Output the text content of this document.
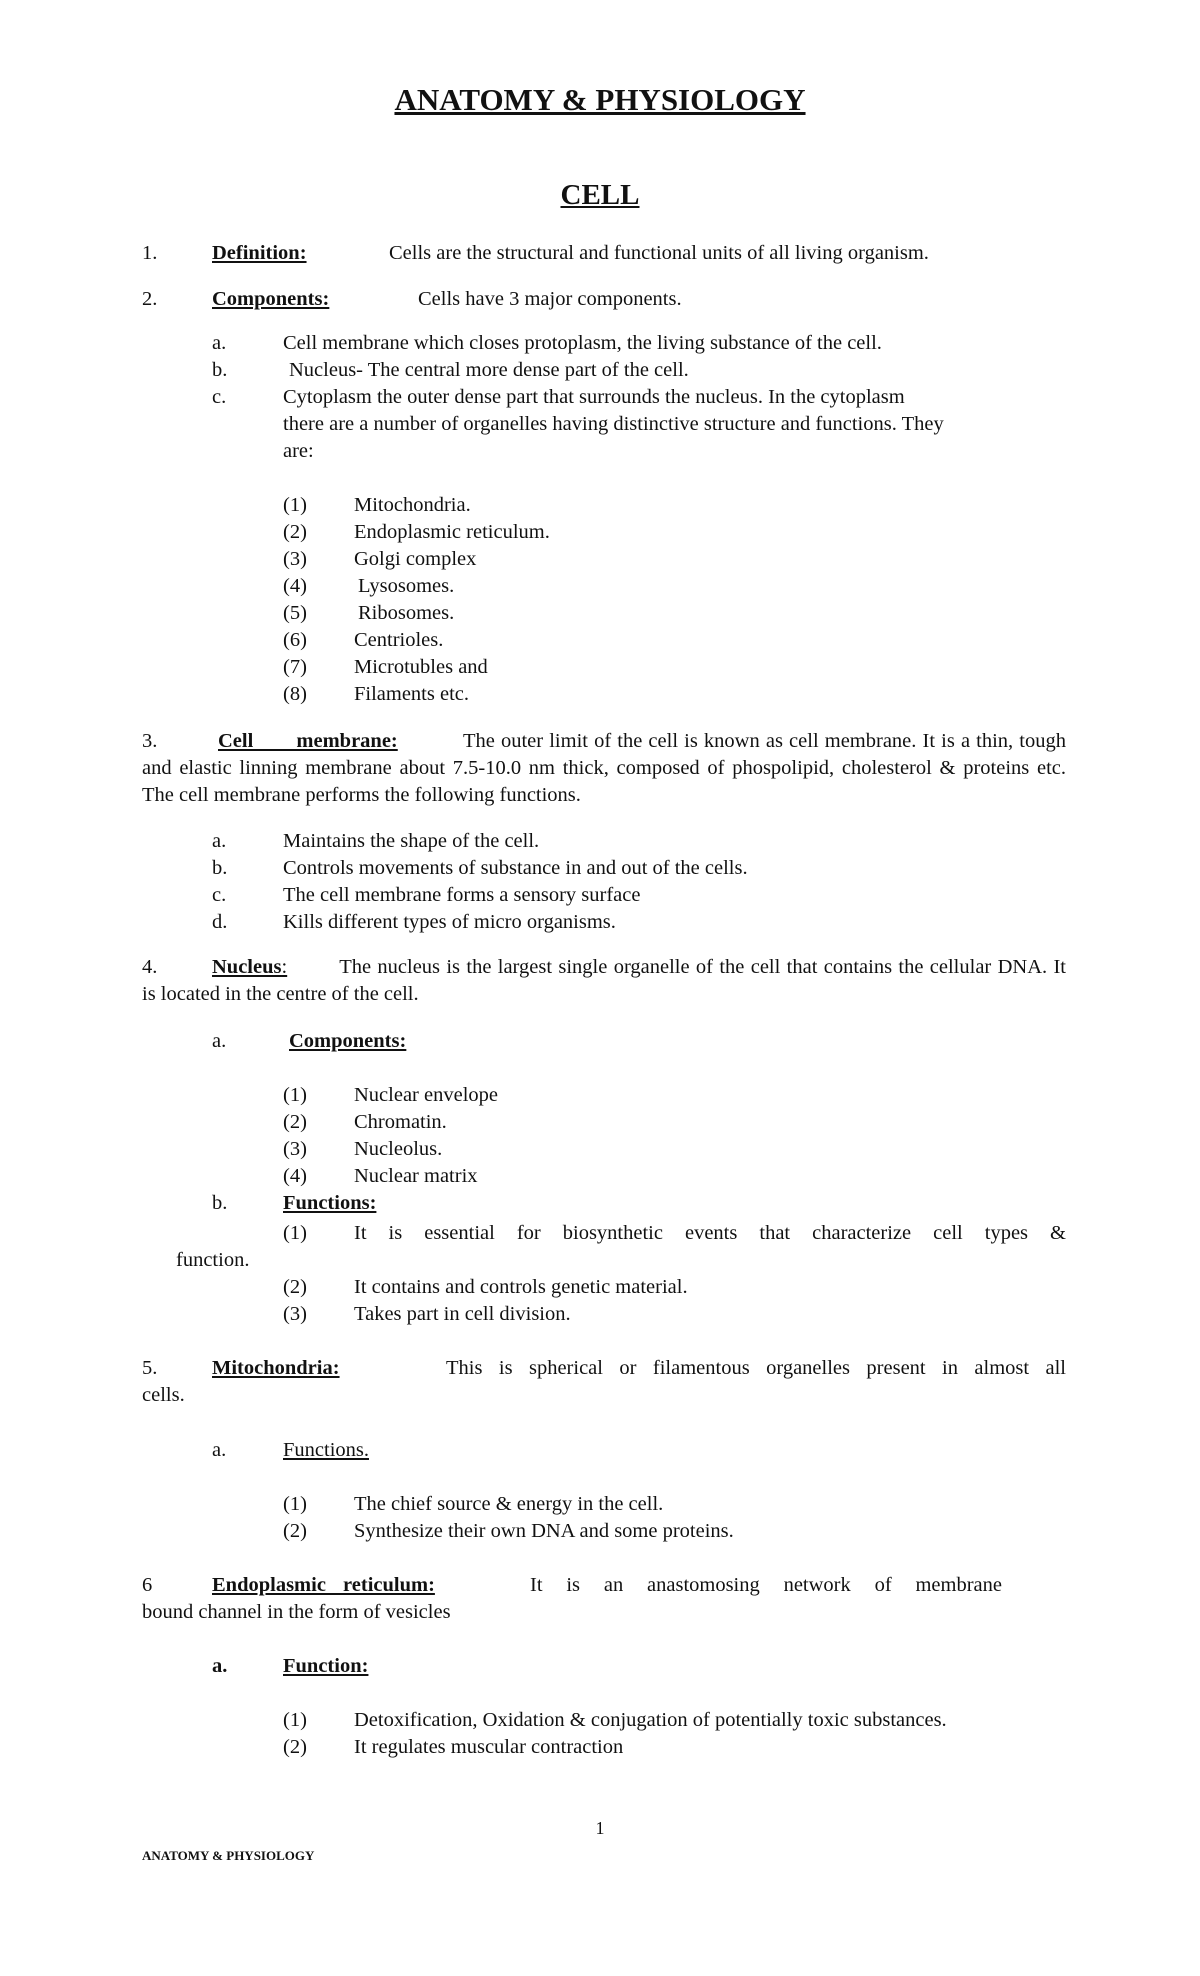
ANATOMY & PHYSIOLOGY
CELL
1.	Definition:	Cells are the structural and functional units of all living organism.
2.	Components:	Cells have 3 major components.
a.	Cell membrane which closes protoplasm, the living substance of the cell.
b.	Nucleus- The central more dense part of the cell.
c.	Cytoplasm the outer dense part that surrounds the nucleus. In the cytoplasm
there are a number of organelles having distinctive structure and functions. They
are:
(1) Mitochondria.
(2) Endoplasmic reticulum.
(3) Golgi complex
(4) Lysosomes.
(5) Ribosomes.
(6) Centrioles.
(7) Microtubles and
(8) Filaments etc.
3.	Cell membrane:	The outer limit of the cell is known as cell membrane. It is a thin, tough and elastic linning membrane about 7.5-10.0 nm thick, composed of phospolipid, cholesterol & proteins etc. The cell membrane performs the following functions.
a.	Maintains the shape of the cell.
b.	Controls movements of substance in and out of the cells.
c.	The cell membrane forms a sensory surface
d.	Kills different types of micro organisms.
4.	Nucleus:	The nucleus is the largest single organelle of the cell that contains the cellular DNA. It is located in the centre of the cell.
a.	Components:
(1) Nuclear envelope
(2) Chromatin.
(3) Nucleolus.
(4) Nuclear matrix
b.	Functions:
(1) It is essential for biosynthetic events that characterize cell types &
function.
(2) It contains and controls genetic material.
(3) Takes part in cell division.
5.	Mitochondria:	This is spherical or filamentous organelles present in almost all
cells.
a.	Functions.
(1) The chief source & energy in the cell.
(2) Synthesize their own DNA and some proteins.
6	Endoplasmic reticulum:	It is an anastomosing network of membrane
bound channel in the form of vesicles
a.	Function:
(1) Detoxification, Oxidation & conjugation of potentially toxic substances.
(2) It regulates muscular contraction
1
ANATOMY & PHYSIOLOGY
